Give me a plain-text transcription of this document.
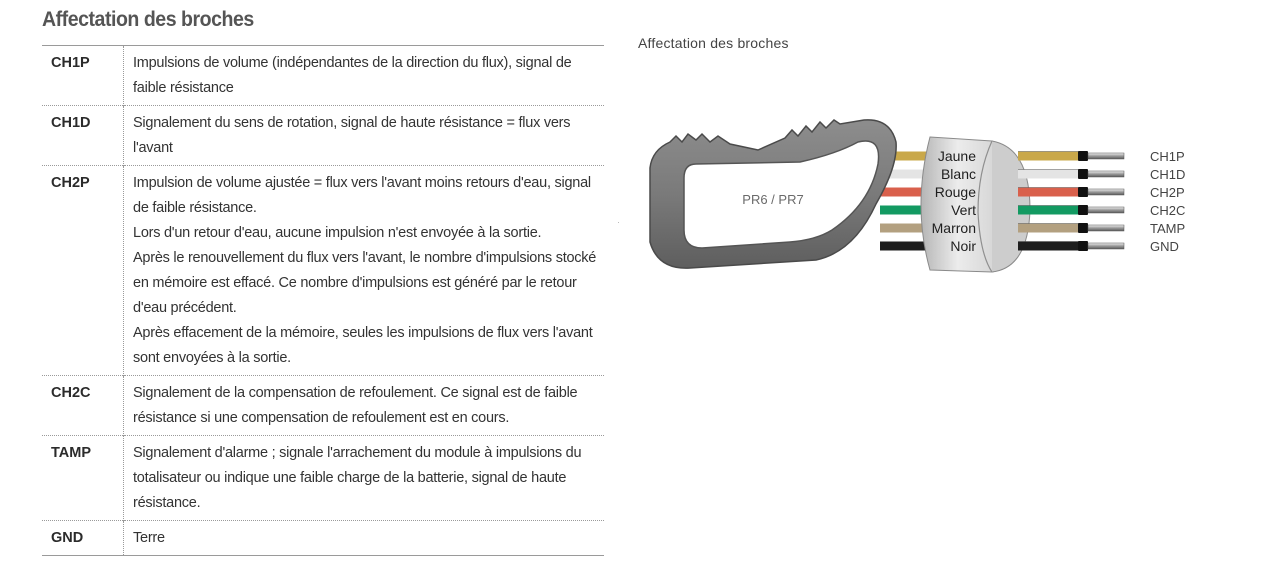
Affectation des broches
CH1P	Impulsions de volume (indépendantes de la direction du flux), signal de faible résistance

CH1D	Signalement du sens de rotation, signal de haute résistance = flux vers l'avant

CH2P	Impulsion de volume ajustée = flux vers l'avant moins retours d'eau, signal de faible résistance.

Lors d'un retour d'eau, aucune impulsion n'est envoyée à la sortie.

Après le renouvellement du flux vers l'avant, le nombre d'impulsions stocké en mémoire est effacé. Ce nombre d'impulsions est généré par le retour d'eau précédent.

Après effacement de la mémoire, seules les impulsions de flux vers l'avant sont envoyées à la sortie.

CH2C	Signalement de la compensation de refoulement. Ce signal est de faible résistance si une compensation de refoulement est en cours.

TAMP	Signalement d'alarme ; signale l'arrachement du module à impulsions du totalisateur ou indique une faible charge de la batterie, signal de haute résistance.

GND	Terre

Affectation des broches
PR6 / PR7
Jaune
Blanc
Rouge
Vert
Marron
Noir
CH1P
CH1D
CH2P
CH2C
TAMP
GND
